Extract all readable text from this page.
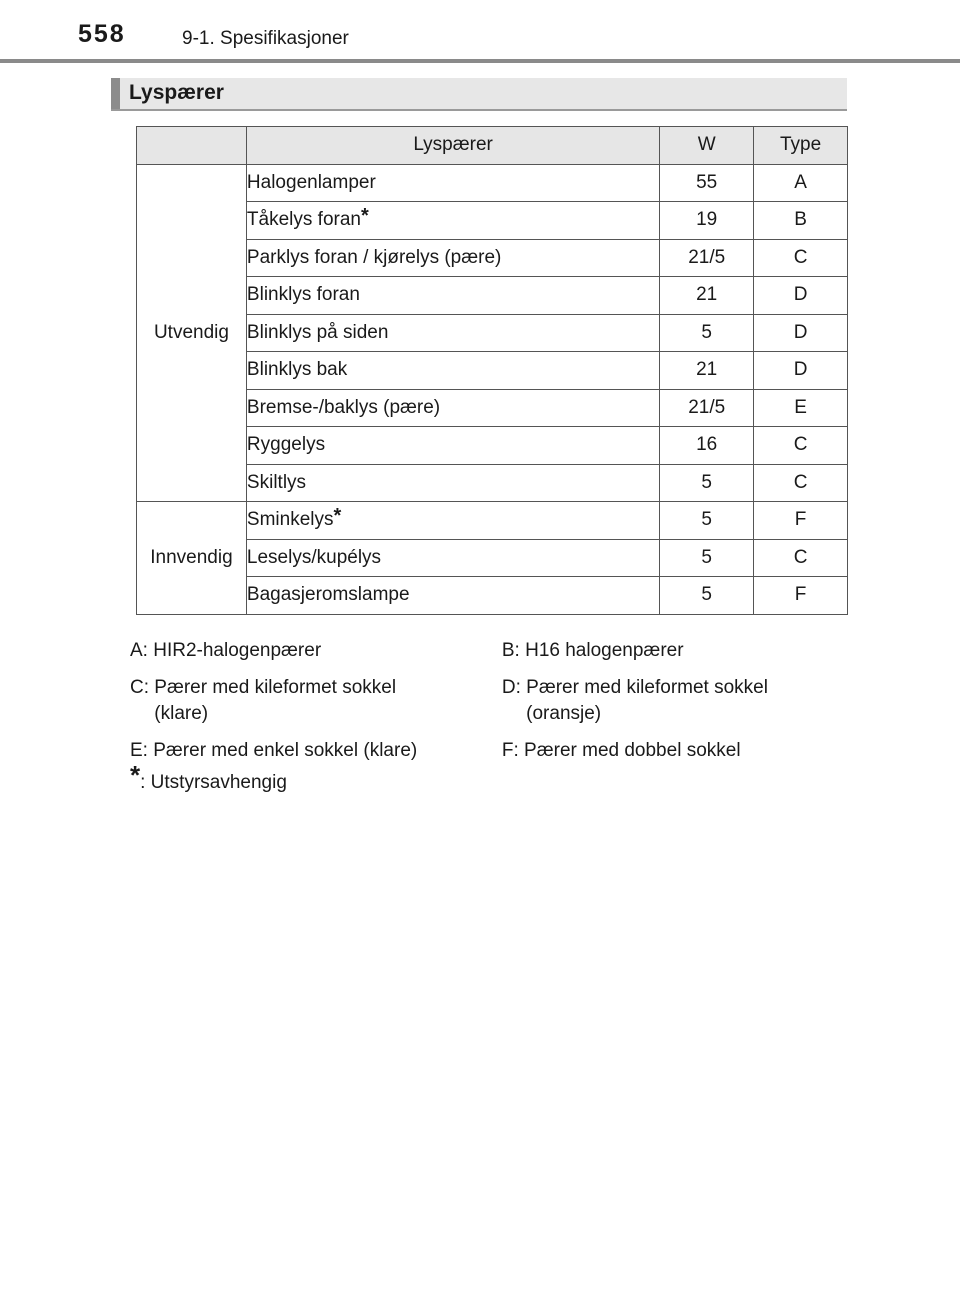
558	9-1. Spesifikasjoner
Lyspærer
	Lyspærer	W	Type
Utvendig	Halogenlamper	55	A
	Tåkelys foran*	19	B
	Parklys foran / kjørelys (pære)	21/5	C
	Blinklys foran	21	D
	Blinklys på siden	5	D
	Blinklys bak	21	D
	Bremse-/baklys (pære)	21/5	E
	Ryggelys	16	C
	Skiltlys	5	C
Innvendig	Sminkelys*	5	F
	Leselys/kupélys	5	C
	Bagasjeromslampe	5	F
A:
HIR2-halogenpærer	B:
H16 halogenpærer
C:
Pærer med kileformet sokkel
(klare)
D:
Pærer med kileformet sokkel
(oransje)
E:
Pærer med enkel sokkel (klare)	F:
Pærer med dobbel sokkel
* : Utstyrsavhengig
